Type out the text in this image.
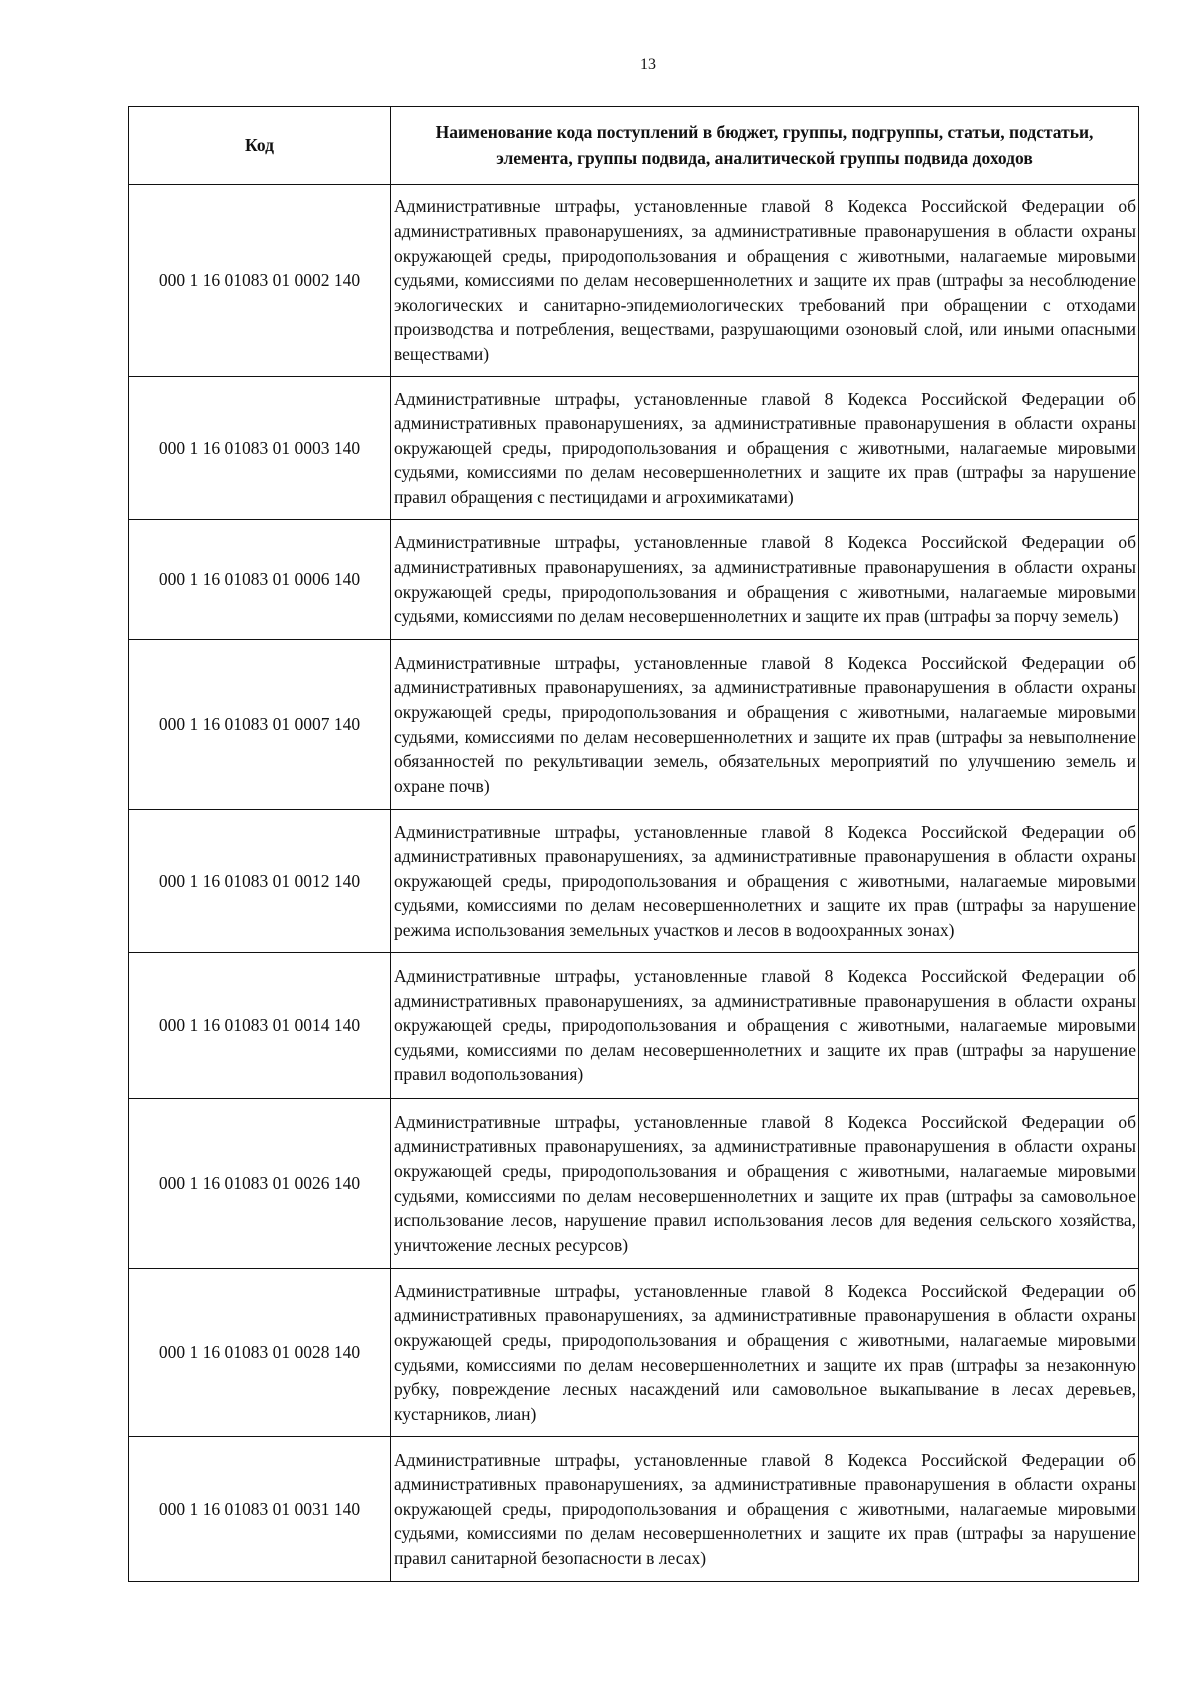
13
Код	Наименование кода поступлений в бюджет, группы, подгруппы, статьи, подстатьи, элемента, группы подвида, аналитической группы подвида доходов
000 1 16 01083 01 0002 140	Административные штрафы, установленные главой 8 Кодекса Российской Федерации об административных правонарушениях, за административные правонарушения в области охраны окружающей среды, природопользования и обращения с животными, налагаемые мировыми судьями, комиссиями по делам несовершеннолетних и защите их прав (штрафы за несоблюдение экологических и санитарно-эпидемиологических требований при обращении с отходами производства и потребления, веществами, разрушающими озоновый слой, или иными опасными веществами)
000 1 16 01083 01 0003 140	Административные штрафы, установленные главой 8 Кодекса Российской Федерации об административных правонарушениях, за административные правонарушения в области охраны окружающей среды, природопользования и обращения с животными, налагаемые мировыми судьями, комиссиями по делам несовершеннолетних и защите их прав (штрафы за нарушение правил обращения с пестицидами и агрохимикатами)
000 1 16 01083 01 0006 140	Административные штрафы, установленные главой 8 Кодекса Российской Федерации об административных правонарушениях, за административные правонарушения в области охраны окружающей среды, природопользования и обращения с животными, налагаемые мировыми судьями, комиссиями по делам несовершеннолетних и защите их прав (штрафы за порчу земель)
000 1 16 01083 01 0007 140	Административные штрафы, установленные главой 8 Кодекса Российской Федерации об административных правонарушениях, за административные правонарушения в области охраны окружающей среды, природопользования и обращения с животными, налагаемые мировыми судьями, комиссиями по делам несовершеннолетних и защите их прав (штрафы за невыполнение обязанностей по рекультивации земель, обязательных мероприятий по улучшению земель и охране почв)
000 1 16 01083 01 0012 140	Административные штрафы, установленные главой 8 Кодекса Российской Федерации об административных правонарушениях, за административные правонарушения в области охраны окружающей среды, природопользования и обращения с животными, налагаемые мировыми судьями, комиссиями по делам несовершеннолетних и защите их прав (штрафы за нарушение режима использования земельных участков и лесов в водоохранных зонах)
000 1 16 01083 01 0014 140	Административные штрафы, установленные главой 8 Кодекса Российской Федерации об административных правонарушениях, за административные правонарушения в области охраны окружающей среды, природопользования и обращения с животными, налагаемые мировыми судьями, комиссиями по делам несовершеннолетних и защите их прав (штрафы за нарушение правил водопользования)
000 1 16 01083 01 0026 140	Административные штрафы, установленные главой 8 Кодекса Российской Федерации об административных правонарушениях, за административные правонарушения в области охраны окружающей среды, природопользования и обращения с животными, налагаемые мировыми судьями, комиссиями по делам несовершеннолетних и защите их прав (штрафы за самовольное использование лесов, нарушение правил использования лесов для ведения сельского хозяйства, уничтожение лесных ресурсов)
000 1 16 01083 01 0028 140	Административные штрафы, установленные главой 8 Кодекса Российской Федерации об административных правонарушениях, за административные правонарушения в области охраны окружающей среды, природопользования и обращения с животными, налагаемые мировыми судьями, комиссиями по делам несовершеннолетних и защите их прав (штрафы за незаконную рубку, повреждение лесных насаждений или самовольное выкапывание в лесах деревьев, кустарников, лиан)
000 1 16 01083 01 0031 140	Административные штрафы, установленные главой 8 Кодекса Российской Федерации об административных правонарушениях, за административные правонарушения в области охраны окружающей среды, природопользования и обращения с животными, налагаемые мировыми судьями, комиссиями по делам несовершеннолетних и защите их прав (штрафы за нарушение правил санитарной безопасности в лесах)
